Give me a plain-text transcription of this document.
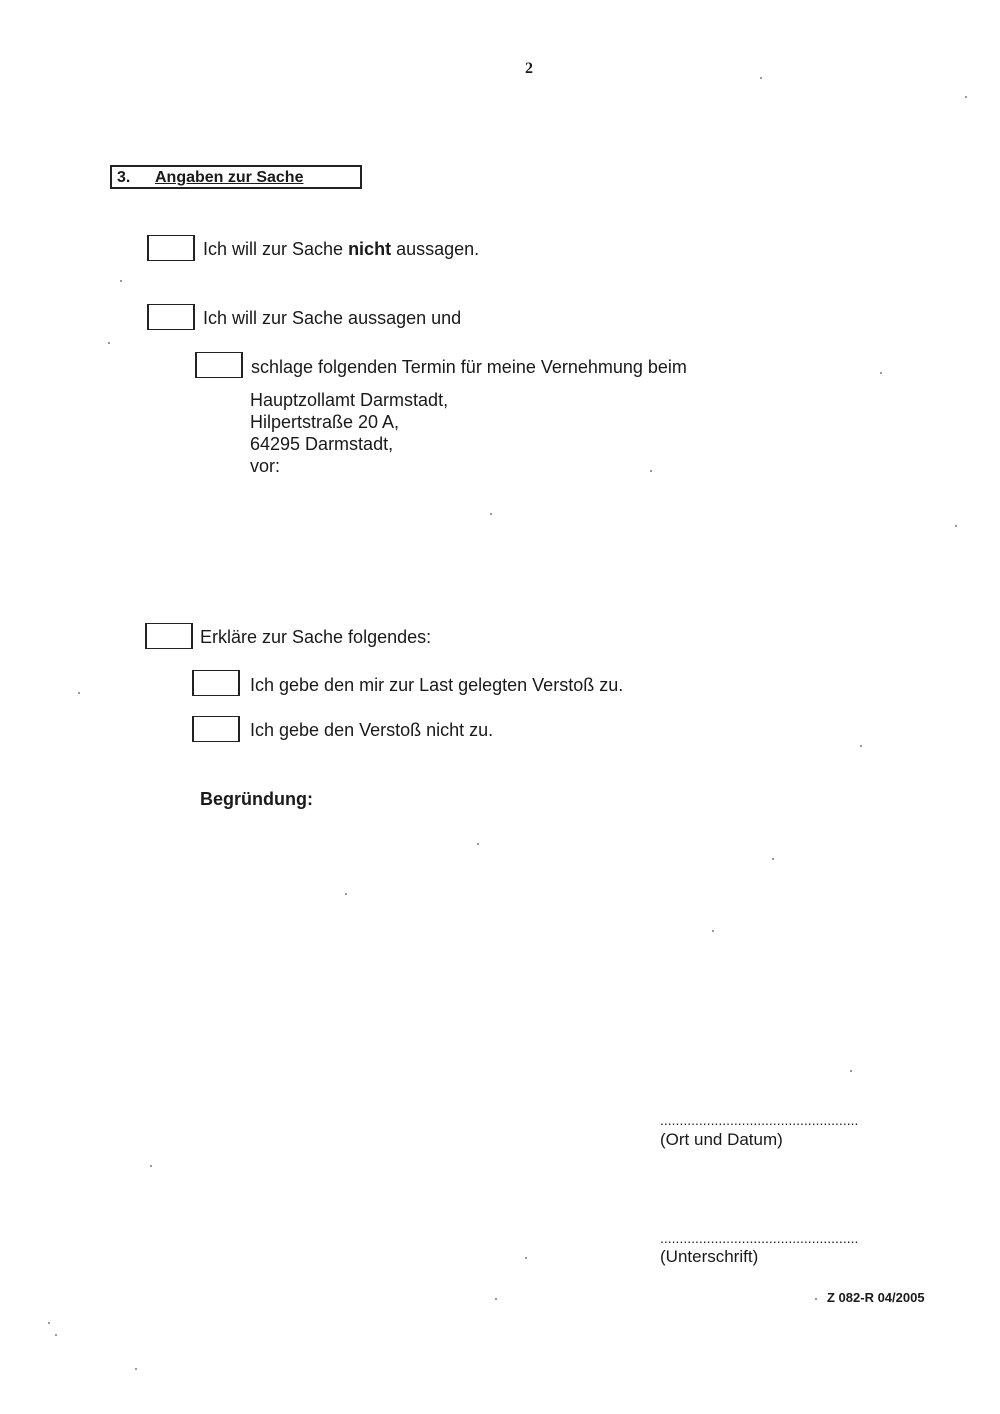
2
3. Angaben zur Sache
Ich will zur Sache nicht aussagen.
Ich will zur Sache aussagen und
schlage folgenden Termin für meine Vernehmung beim
Hauptzollamt Darmstadt,
Hilpertstraße 20 A,
64295 Darmstadt,
vor:
Erkläre zur Sache folgendes:
Ich gebe den mir zur Last gelegten Verstoß zu.
Ich gebe den Verstoß nicht zu.
Begründung:
...................................................
(Ort und Datum)
...................................................
(Unterschrift)
Z 082-R 04/2005
